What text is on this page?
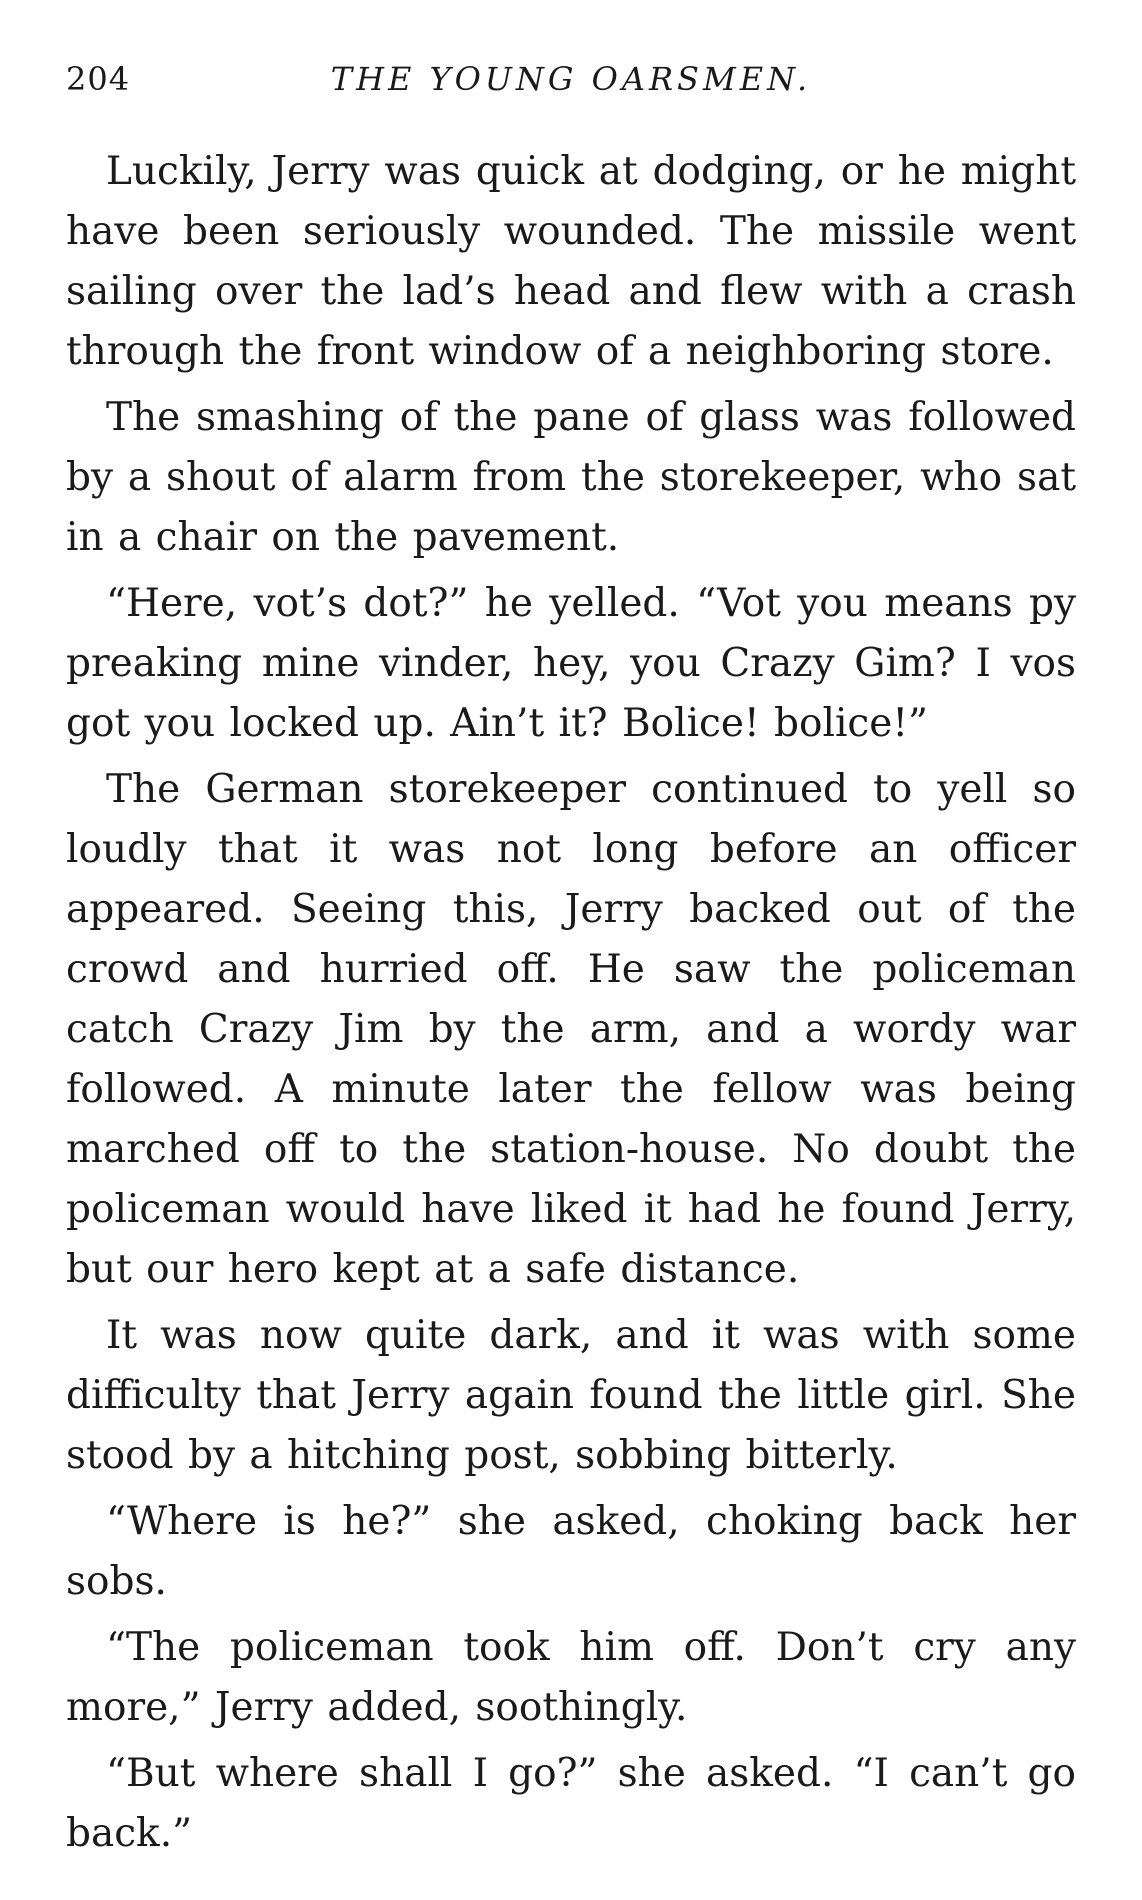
204	THE YOUNG OARSMEN.

Luckily, Jerry was quick at dodging, or he might have been seriously wounded. The missile went sailing over the lad’s head and flew with a crash through the front window of a neighboring store.

The smashing of the pane of glass was followed by a shout of alarm from the storekeeper, who sat in a chair on the pavement.

“Here, vot’s dot?” he yelled. “Vot you means py preaking mine vinder, hey, you Crazy Gim? I vos got you locked up. Ain’t it? Bolice! bolice!”

The German storekeeper continued to yell so loudly that it was not long before an officer appeared. Seeing this, Jerry backed out of the crowd and hurried off. He saw the policeman catch Crazy Jim by the arm, and a wordy war followed. A minute later the fellow was being marched off to the station-house. No doubt the policeman would have liked it had he found Jerry, but our hero kept at a safe distance.

It was now quite dark, and it was with some difficulty that Jerry again found the little girl. She stood by a hitching post, sobbing bitterly.

“Where is he?” she asked, choking back her sobs.

“The policeman took him off. Don’t cry any more,” Jerry added, soothingly.

“But where shall I go?” she asked. “I can’t go back.”
